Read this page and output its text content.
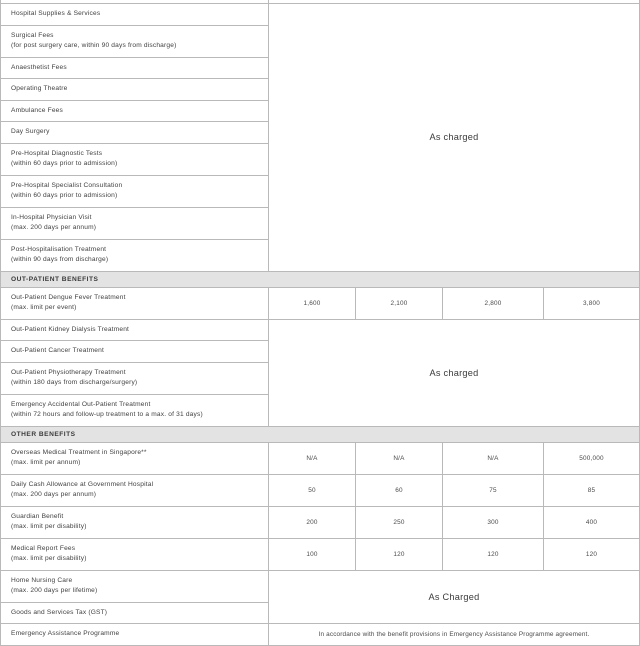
Hospital Supplies & Services	As charged			

Surgical Fees
(for post surgery care, within 90 days from discharge)				

Anaesthetist Fees				

Operating Theatre				

Ambulance Fees				

Day Surgery				

Pre-Hospital Diagnostic Tests
(within 60 days prior to admission)				

Pre-Hospital Specialist Consultation
(within 60 days prior to admission)				

In-Hospital Physician Visit
(max. 200 days per annum)				

Post-Hospitalisation Treatment
(within 90 days from discharge)				

OUT-PATIENT BENEFITS				

Out-Patient Dengue Fever Treatment
(max. limit per event)	1,600	2,100	2,800	3,800

Out-Patient Kidney Dialysis Treatment	As charged			

Out-Patient Cancer Treatment				

Out-Patient Physiotherapy Treatment
(within 180 days from discharge/surgery)				

Emergency Accidental Out-Patient Treatment
(within 72 hours and follow-up treatment to a max. of 31 days)				

OTHER BENEFITS				

Overseas Medical Treatment in Singapore**
(max. limit per annum)	N/A	N/A	N/A	500,000

Daily Cash Allowance at Government Hospital
(max. 200 days per annum)	50	60	75	85

Guardian Benefit
(max. limit per disability)	200	250	300	400

Medical Report Fees
(max. limit per disability)	100	120	120	120

Home Nursing Care
(max. 200 days per lifetime)	As Charged			

Goods and Services Tax (GST)				

Emergency Assistance Programme	In accordance with the benefit provisions in Emergency Assistance Programme agreement.			
